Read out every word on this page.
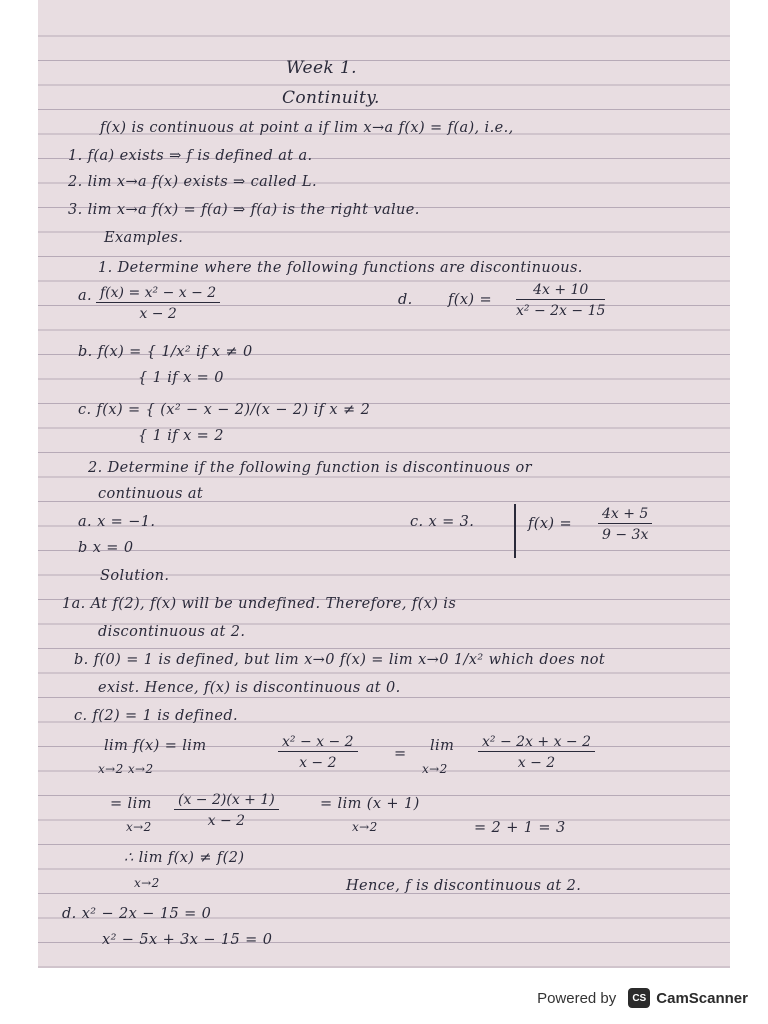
Week 1.
Continuity.
f(x) is continuous at point a if lim x→a f(x) = f(a), i.e.,
1. f(a) exists ⇒ f is defined at a.
2. lim x→a f(x) exists ⇒ called L.
3. lim x→a f(x) = f(a) ⇒ f(a) is the right value.
Examples.
1. Determine where the following functions are discontinuous.
a. $\frac{\text{f(x) = x² − x − 2}}{x - 2}$	d. $f(x) = \frac{4x + 10}{\text{x² − 2x − 15}}$
b. f(x) = { 1/x² if x ≠ 0
{ 1 if x = 0
c. f(x) = { (x² − x − 2)/(x − 2) if x ≠ 2
{ 1 if x = 2
2. Determine if the following function is discontinuous or
continuous at
a. x = −1.
b x = 0
c. x = 3.	$f(x) = \frac{4x + 5}{9 - 3x}$
Solution.
1a. At f(2), f(x) will be undefined. Therefore, f(x) is
discontinuous at 2.
b. f(0) = 1 is defined, but lim x→0 f(x) = lim x→0 1/x² which does not
exist. Hence, f(x) is discontinuous at 0.
c. f(2) = 1 is defined.
lim f(x) = lim
x→2 x→2	$\frac{\text{x² − x − 2}}{x - 2}$	= lim
$x\to 2 \frac{\text{x² − 2x + x − 2}}{x - 2}$
= lim
$x\to 2 \frac{(x - 2)(x + 1)}{x - 2}$	= lim (x + 1)
x→2	= 2 + 1 = 3
∴ lim f(x) ≠ f(2)
x→2	Hence, f is discontinuous at 2.
d. x² − 2x − 15 = 0
x² − 5x + 3x − 15 = 0
Powered by	CS CamScanner
